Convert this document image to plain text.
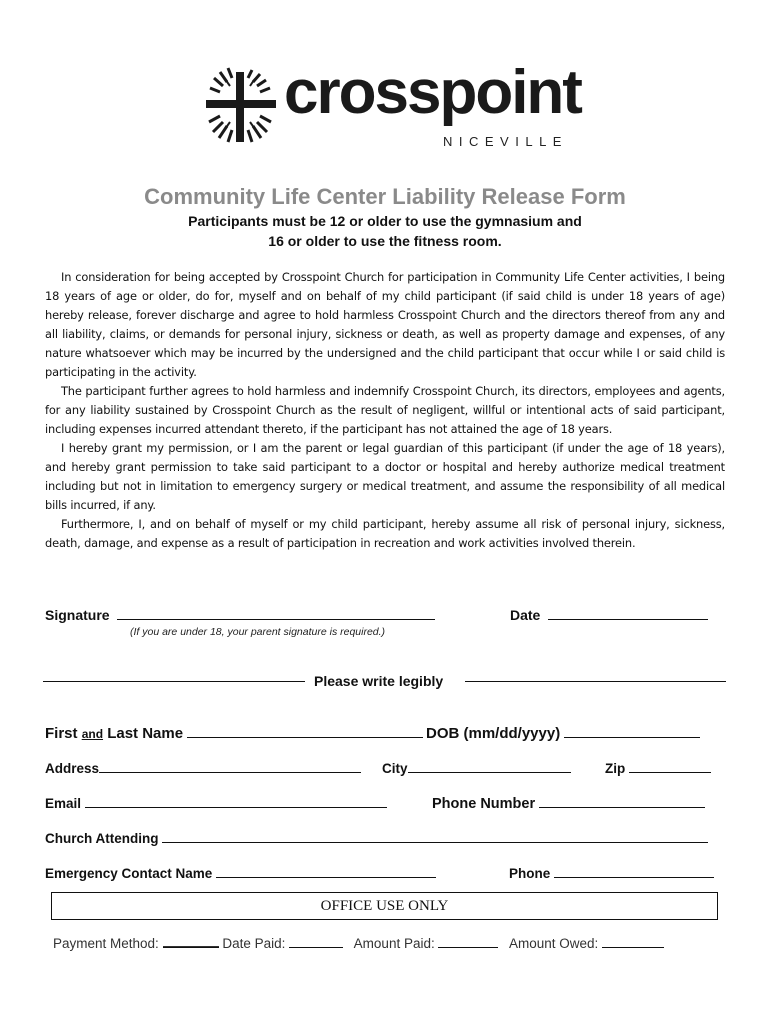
crosspoint
NICEVILLE
Community Life Center Liability Release Form
Participants must be 12 or older to use the gymnasium and
16 or older to use the fitness room.

In consideration for being accepted by Crosspoint Church for participation in Community Life Center activities, I being 18 years of age or older, do for, myself and on behalf of my child participant (if said child is under 18 years of age) hereby release, forever discharge and agree to hold harmless Crosspoint Church and the directors thereof from any and all liability, claims, or demands for personal injury, sickness or death, as well as property damage and expenses, of any nature whatsoever which may be incurred by the undersigned and the child participant that occur while I or said child is participating in the activity.

The participant further agrees to hold harmless and indemnify Crosspoint Church, its directors, employees and agents, for any liability sustained by Crosspoint Church as the result of negligent, willful or intentional acts of said participant, including expenses incurred attendant thereto, if the participant has not attained the age of 18 years.

I hereby grant my permission, or I am the parent or legal guardian of this participant (if under the age of 18 years), and hereby grant permission to take said participant to a doctor or hospital and hereby authorize medical treatment including but not in limitation to emergency surgery or medical treatment, and assume the responsibility of all medical bills incurred, if any.

Furthermore, I, and on behalf of myself or my child participant, hereby assume all risk of personal injury, sickness, death, damage, and expense as a result of participation in recreation and work activities involved therein.

Signature	Date
(If you are under 18, your parent signature is required.)
Please write legibly
First and Last Name	DOB (mm/dd/yyyy)
Address	City	Zip
Email	Phone Number
Church Attending
Emergency Contact Name	Phone
OFFICE USE ONLY
Payment Method:	Date Paid:	Amount Paid:	Amount Owed:
